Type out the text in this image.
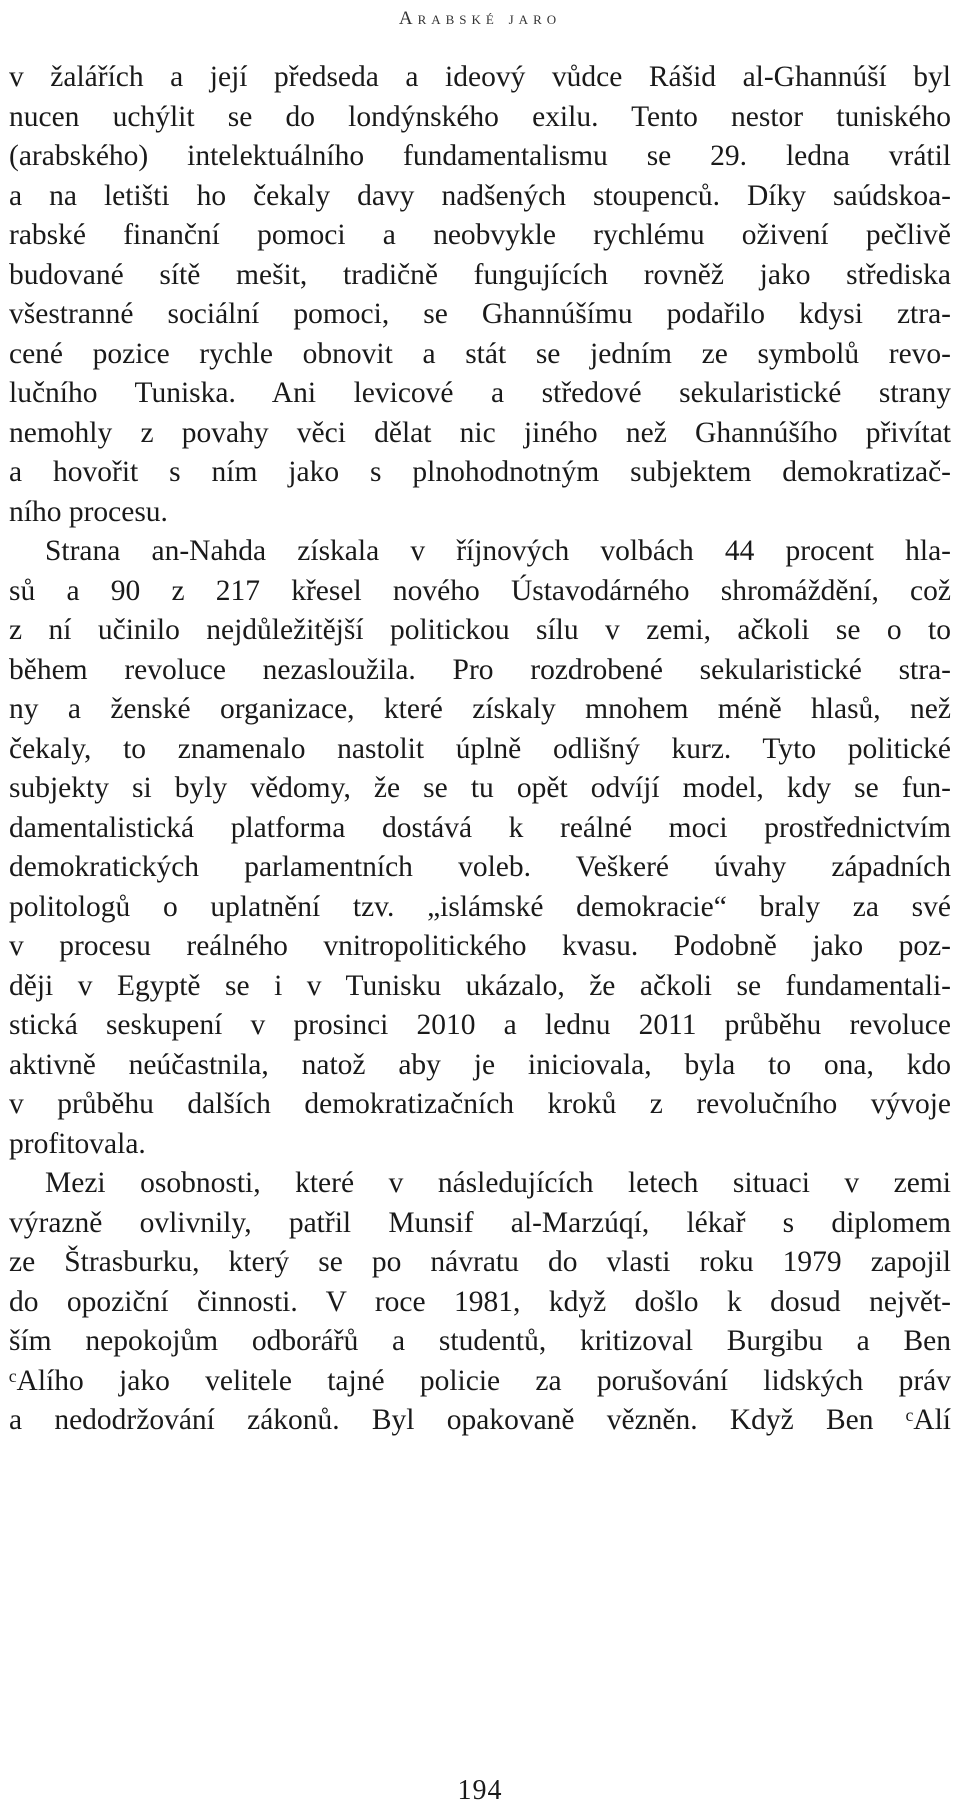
Arabské jaro
v žalářích a její předseda a ideový vůdce Rášid al-Ghannúší byl
nucen uchýlit se do londýnského exilu. Tento nestor tuniského
(arabského) intelektuálního fundamentalismu se 29. ledna vrátil
a na letišti ho čekaly davy nadšených stoupenců. Díky saúdskoa-
rabské finanční pomoci a neobvykle rychlému oživení pečlivě
budované sítě mešit, tradičně fungujících rovněž jako střediska
všestranné sociální pomoci, se Ghannúšímu podařilo kdysi ztra-
cené pozice rychle obnovit a stát se jedním ze symbolů revo-
lučního Tuniska. Ani levicové a středové sekularistické strany
nemohly z povahy věci dělat nic jiného než Ghannúšího přivítat
a hovořit s ním jako s plnohodnotným subjektem demokratizač-
ního procesu.
Strana an-Nahda získala v říjnových volbách 44 procent hla-
sů a 90 z 217 křesel nového Ústavodárného shromáždění, což
z ní učinilo nejdůležitější politickou sílu v zemi, ačkoli se o to
během revoluce nezasloužila. Pro rozdrobené sekularistické stra-
ny a ženské organizace, které získaly mnohem méně hlasů, než
čekaly, to znamenalo nastolit úplně odlišný kurz. Tyto politické
subjekty si byly vědomy, že se tu opět odvíjí model, kdy se fun-
damentalistická platforma dostává k reálné moci prostřednictvím
demokratických parlamentních voleb. Veškeré úvahy západních
politologů o uplatnění tzv. „islámské demokracie“ braly za své
v procesu reálného vnitropolitického kvasu. Podobně jako poz-
ději v Egyptě se i v Tunisku ukázalo, že ačkoli se fundamentali-
stická seskupení v prosinci 2010 a lednu 2011 průběhu revoluce
aktivně neúčastnila, natož aby je iniciovala, byla to ona, kdo
v průběhu dalších demokratizačních kroků z revolučního vývoje
profitovala.
Mezi osobnosti, které v následujících letech situaci v zemi
výrazně ovlivnily, patřil Munsif al-Marzúqí, lékař s diplomem
ze Štrasburku, který se po návratu do vlasti roku 1979 zapojil
do opoziční činnosti. V roce 1981, když došlo k dosud největ-
ším nepokojům odborářů a studentů, kritizoval Burgibu a Ben
ᶜAlího jako velitele tajné policie za porušování lidských práv
a nedodržování zákonů. Byl opakovaně vězněn. Když Ben ᶜAlí
194
